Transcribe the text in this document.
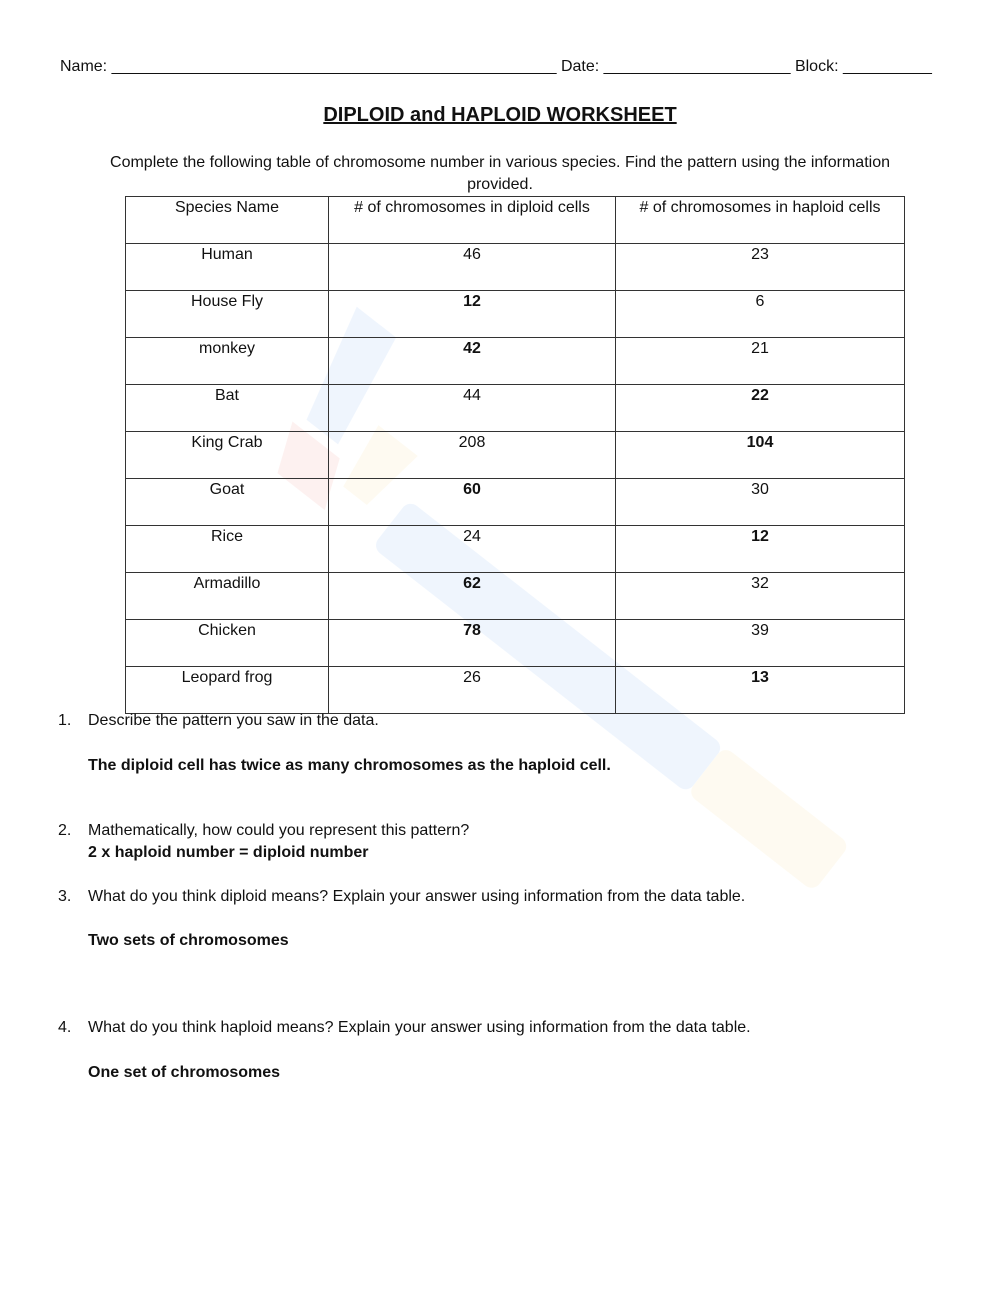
Name: __________________________________________________ Date: _____________________ Block: __________
DIPLOID and HAPLOID WORKSHEET
Complete the following table of chromosome number in various species. Find the pattern using the information provided.
Species Name	# of chromosomes in diploid cells	# of chromosomes in haploid cells
Human	46	23
House Fly	12	6
monkey	42	21
Bat	44	22
King Crab	208	104
Goat	60	30
Rice	24	12
Armadillo	62	32
Chicken	78	39
Leopard frog	26	13
1.	Describe the pattern you saw in the data.
The diploid cell has twice as many chromosomes as the haploid cell.
2.	Mathematically, how could you represent this pattern?
2 x haploid number = diploid number
3.	What do you think diploid means? Explain your answer using information from the data table.
Two sets of chromosomes
4.	What do you think haploid means? Explain your answer using information from the data table.
One set of chromosomes
